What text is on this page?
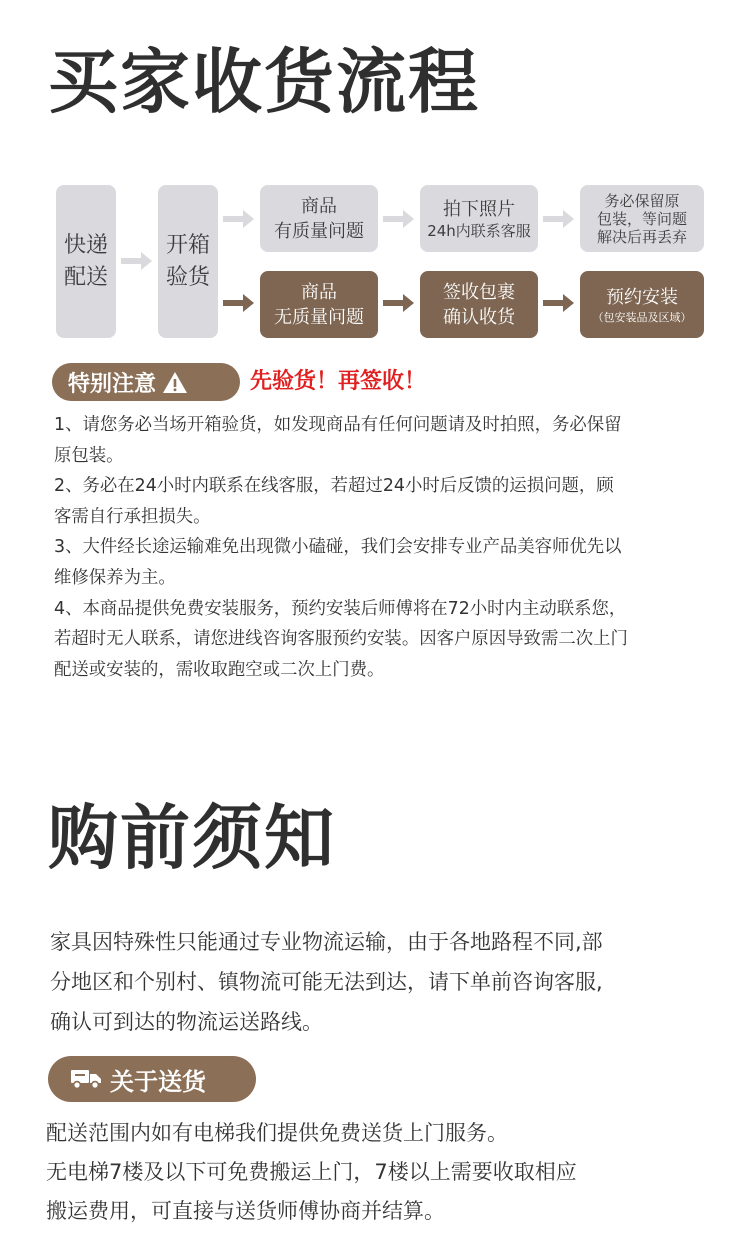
买家收货流程
快递
配送
开箱
验货
商品
有质量问题
商品
无质量问题
拍下照片
24h内联系客服
签收包裹
确认收货
务必保留原
包装，等问题
解决后再丢弃
预约安装
（包安装品及区域）
特别注意	先验货！再签收！
1、请您务必当场开箱验货，如发现商品有任何问题请及时拍照，务必保留
原包装。
2、务必在24小时内联系在线客服，若超过24小时后反馈的运损问题，顾
客需自行承担损失。
3、大件经长途运输难免出现微小磕碰，我们会安排专业产品美容师优先以
维修保养为主。
4、本商品提供免费安装服务，预约安装后师傅将在72小时内主动联系您，
若超时无人联系，请您进线咨询客服预约安装。因客户原因导致需二次上门
配送或安装的，需收取跑空或二次上门费。
购前须知
家具因特殊性只能通过专业物流运输，由于各地路程不同,部
分地区和个别村、镇物流可能无法到达，请下单前咨询客服,
确认可到达的物流运送路线。
关于送货
配送范围内如有电梯我们提供免费送货上门服务。
无电梯7楼及以下可免费搬运上门，7楼以上需要收取相应
搬运费用，可直接与送货师傅协商并结算。
